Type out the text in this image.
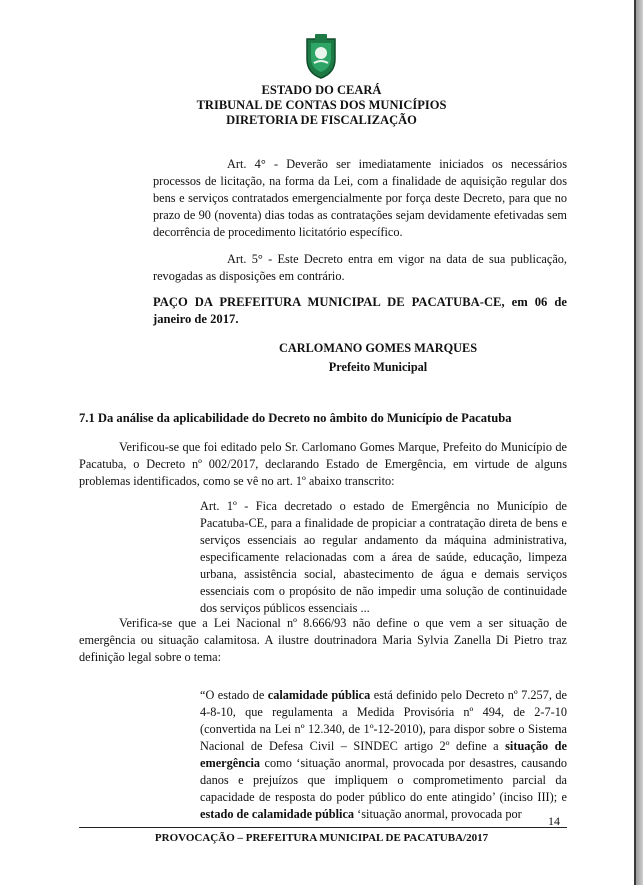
ESTADO DO CEARÁ
TRIBUNAL DE CONTAS DOS MUNICÍPIOS
DIRETORIA DE FISCALIZAÇÃO

Art. 4° - Deverão ser imediatamente iniciados os necessários processos de licitação, na forma da Lei, com a finalidade de aquisição regular dos bens e serviços contratados emergencialmente por força deste Decreto, para que no prazo de 90 (noventa) dias todas as contratações sejam devidamente efetivadas sem decorrência de procedimento licitatório específico.

Art. 5° - Este Decreto entra em vigor na data de sua publicação, revogadas as disposições em contrário.

PAÇO DA PREFEITURA MUNICIPAL DE PACATUBA-CE, em 06 de janeiro de 2017.

CARLOMANO GOMES MARQUES
Prefeito Municipal
7.1 Da análise da aplicabilidade do Decreto no âmbito do Município de Pacatuba

Verificou-se que foi editado pelo Sr. Carlomano Gomes Marque, Prefeito do Município de Pacatuba, o Decreto nº 002/2017, declarando Estado de Emergência, em virtude de alguns problemas identificados, como se vê no art. 1º abaixo transcrito:

Art. 1º - Fica decretado o estado de Emergência no Município de Pacatuba-CE, para a finalidade de propiciar a contratação direta de bens e serviços essenciais ao regular andamento da máquina administrativa, especificamente relacionadas com a área de saúde, educação, limpeza urbana, assistência social, abastecimento de água e demais serviços essenciais com o propósito de não impedir uma solução de continuidade dos serviços públicos essenciais ...

Verifica-se que a Lei Nacional nº 8.666/93 não define o que vem a ser situação de emergência ou situação calamitosa. A ilustre doutrinadora Maria Sylvia Zanella Di Pietro traz definição legal sobre o tema:

“O estado de calamidade pública está definido pelo Decreto nº 7.257, de 4-8-10, que regulamenta a Medida Provisória nº 494, de 2-7-10 (convertida na Lei nº 12.340, de 1º-12-2010), para dispor sobre o Sistema Nacional de Defesa Civil – SINDEC artigo 2º define a situação de emergência como ‘situação anormal, provocada por desastres, causando danos e prejuízos que impliquem o comprometimento parcial da capacidade de resposta do poder público do ente atingido’ (inciso III); e estado de calamidade pública ‘situação anormal, provocada por	14
PROVOCAÇÃO – PREFEITURA MUNICIPAL DE PACATUBA/2017
